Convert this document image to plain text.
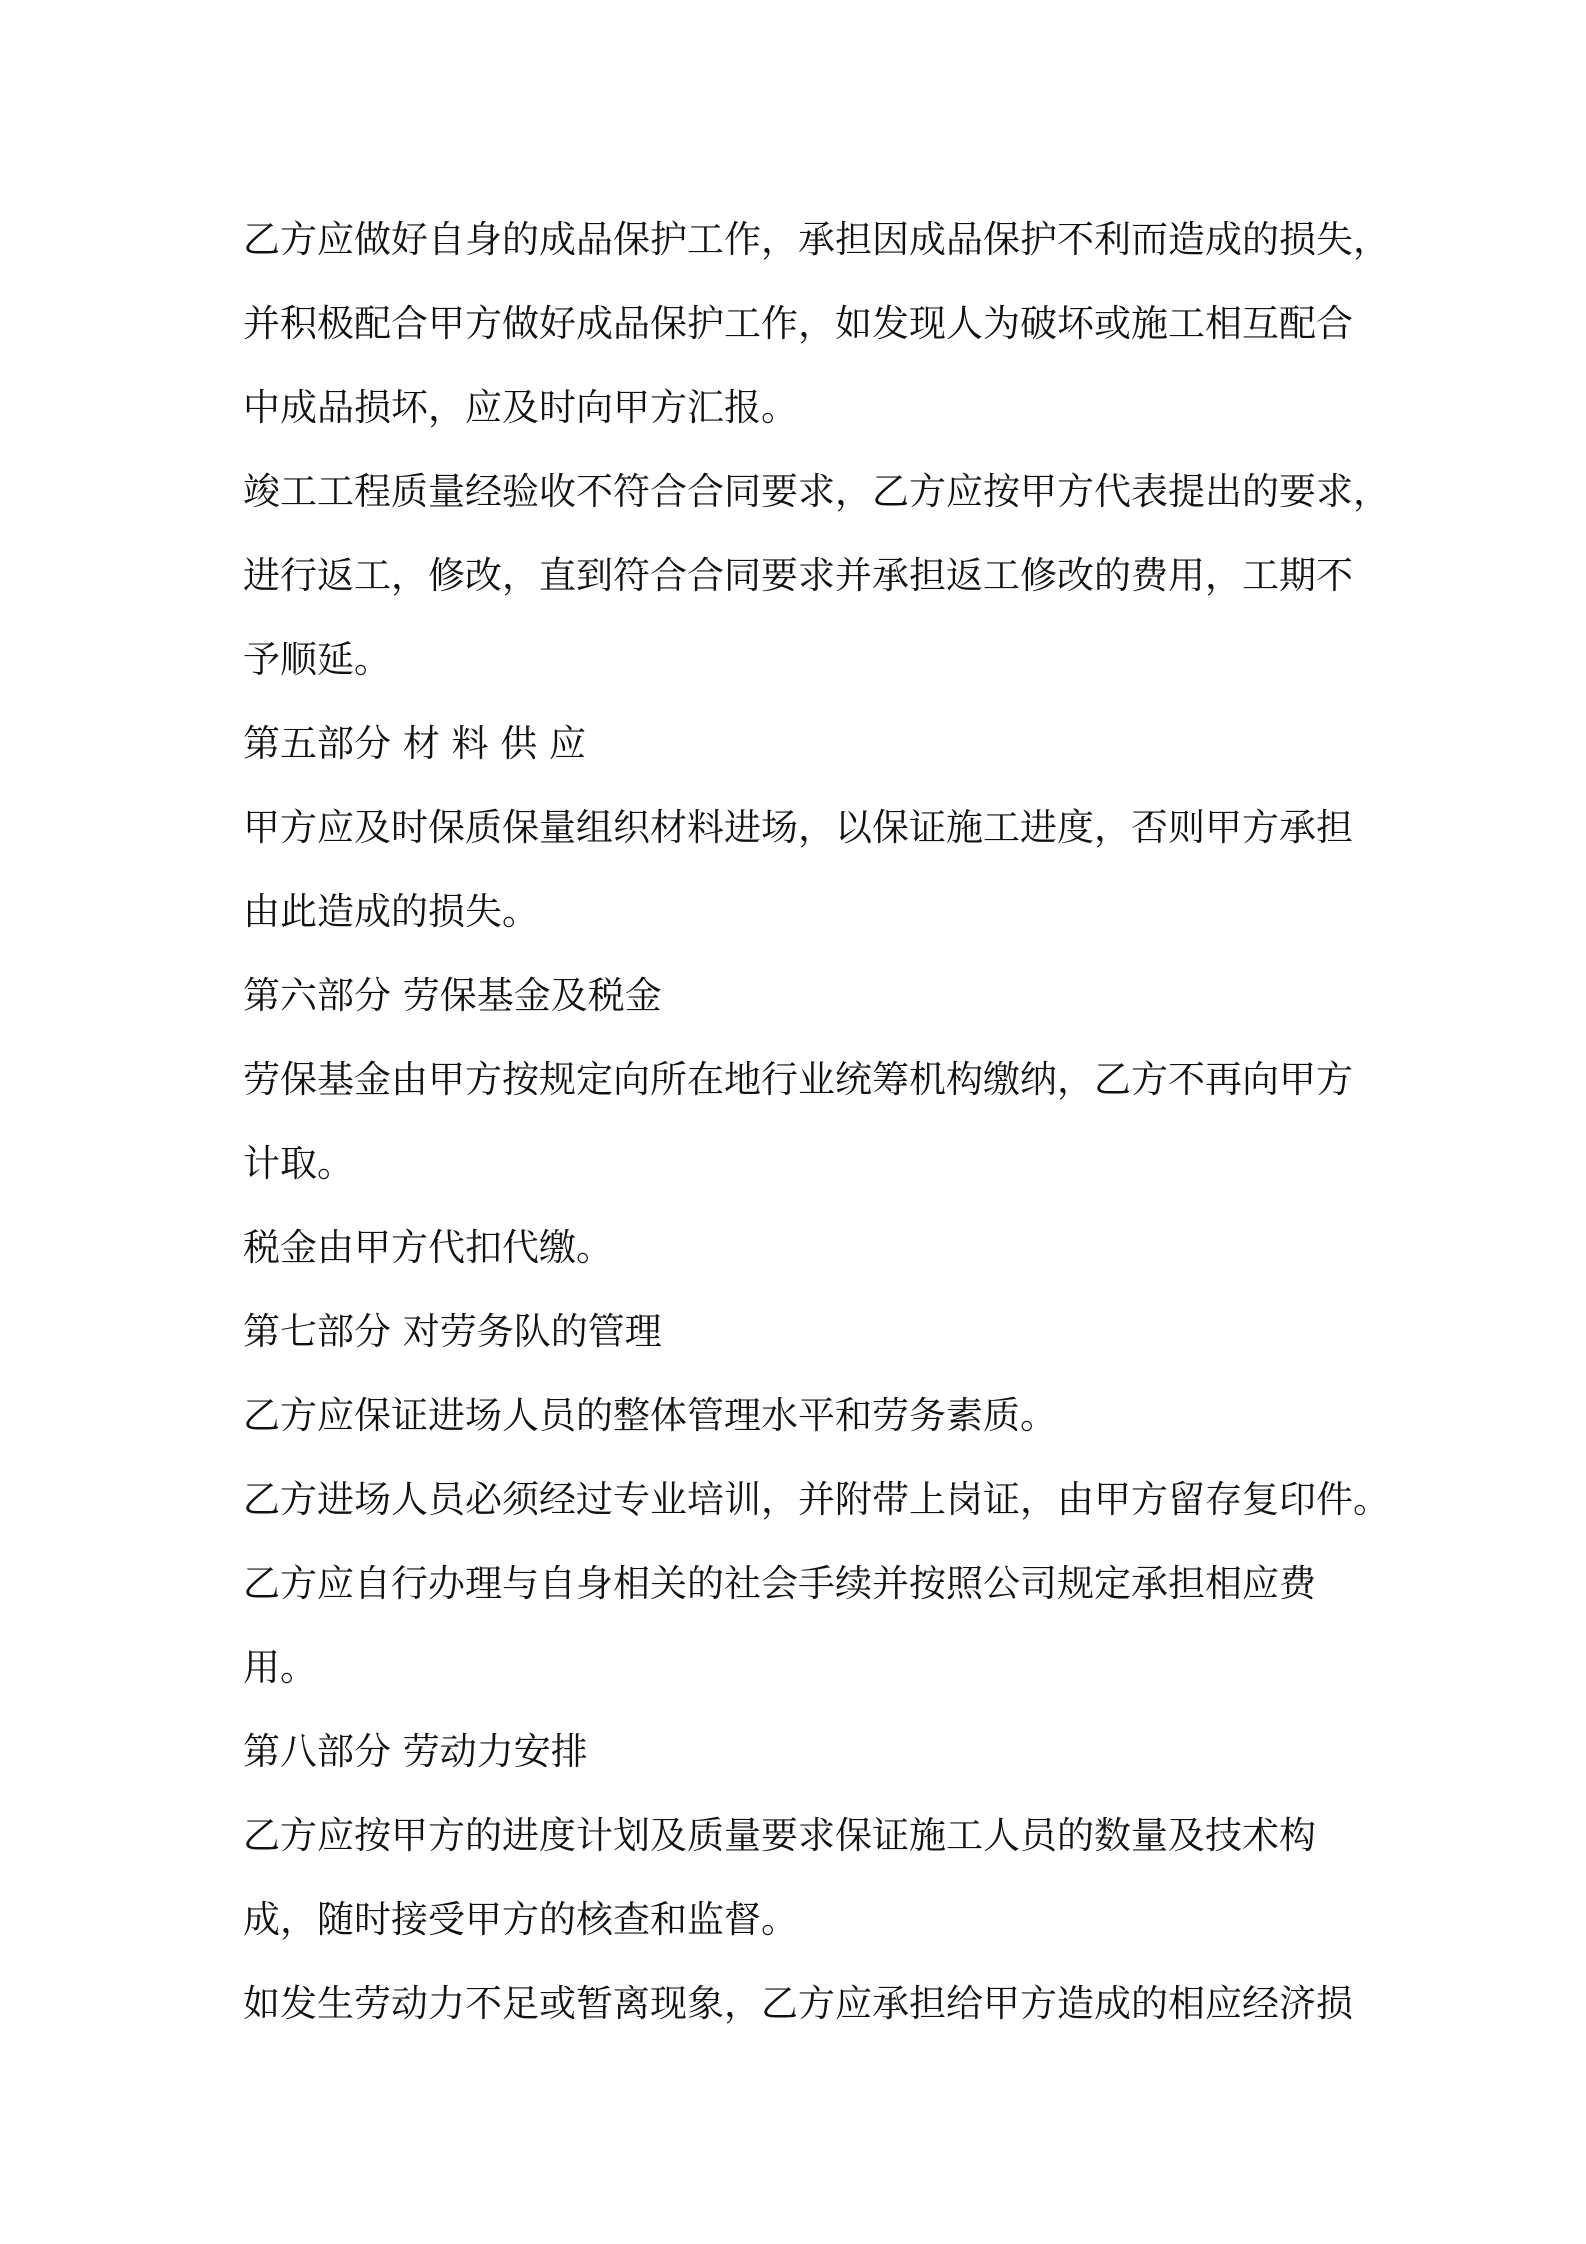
乙方应做好自身的成品保护工作，承担因成品保护不利而造成的损失，
并积极配合甲方做好成品保护工作，如发现人为破坏或施工相互配合
中成品损坏，应及时向甲方汇报。
竣工工程质量经验收不符合合同要求，乙方应按甲方代表提出的要求，
进行返工，修改，直到符合合同要求并承担返工修改的费用，工期不
予顺延。
第五部分 材 料 供 应
甲方应及时保质保量组织材料进场，以保证施工进度，否则甲方承担
由此造成的损失。
第六部分 劳保基金及税金
劳保基金由甲方按规定向所在地行业统筹机构缴纳，乙方不再向甲方
计取。
税金由甲方代扣代缴。
第七部分 对劳务队的管理
乙方应保证进场人员的整体管理水平和劳务素质。
乙方进场人员必须经过专业培训，并附带上岗证，由甲方留存复印件。
乙方应自行办理与自身相关的社会手续并按照公司规定承担相应费
用。
第八部分 劳动力安排
乙方应按甲方的进度计划及质量要求保证施工人员的数量及技术构
成，随时接受甲方的核查和监督。
如发生劳动力不足或暂离现象，乙方应承担给甲方造成的相应经济损
